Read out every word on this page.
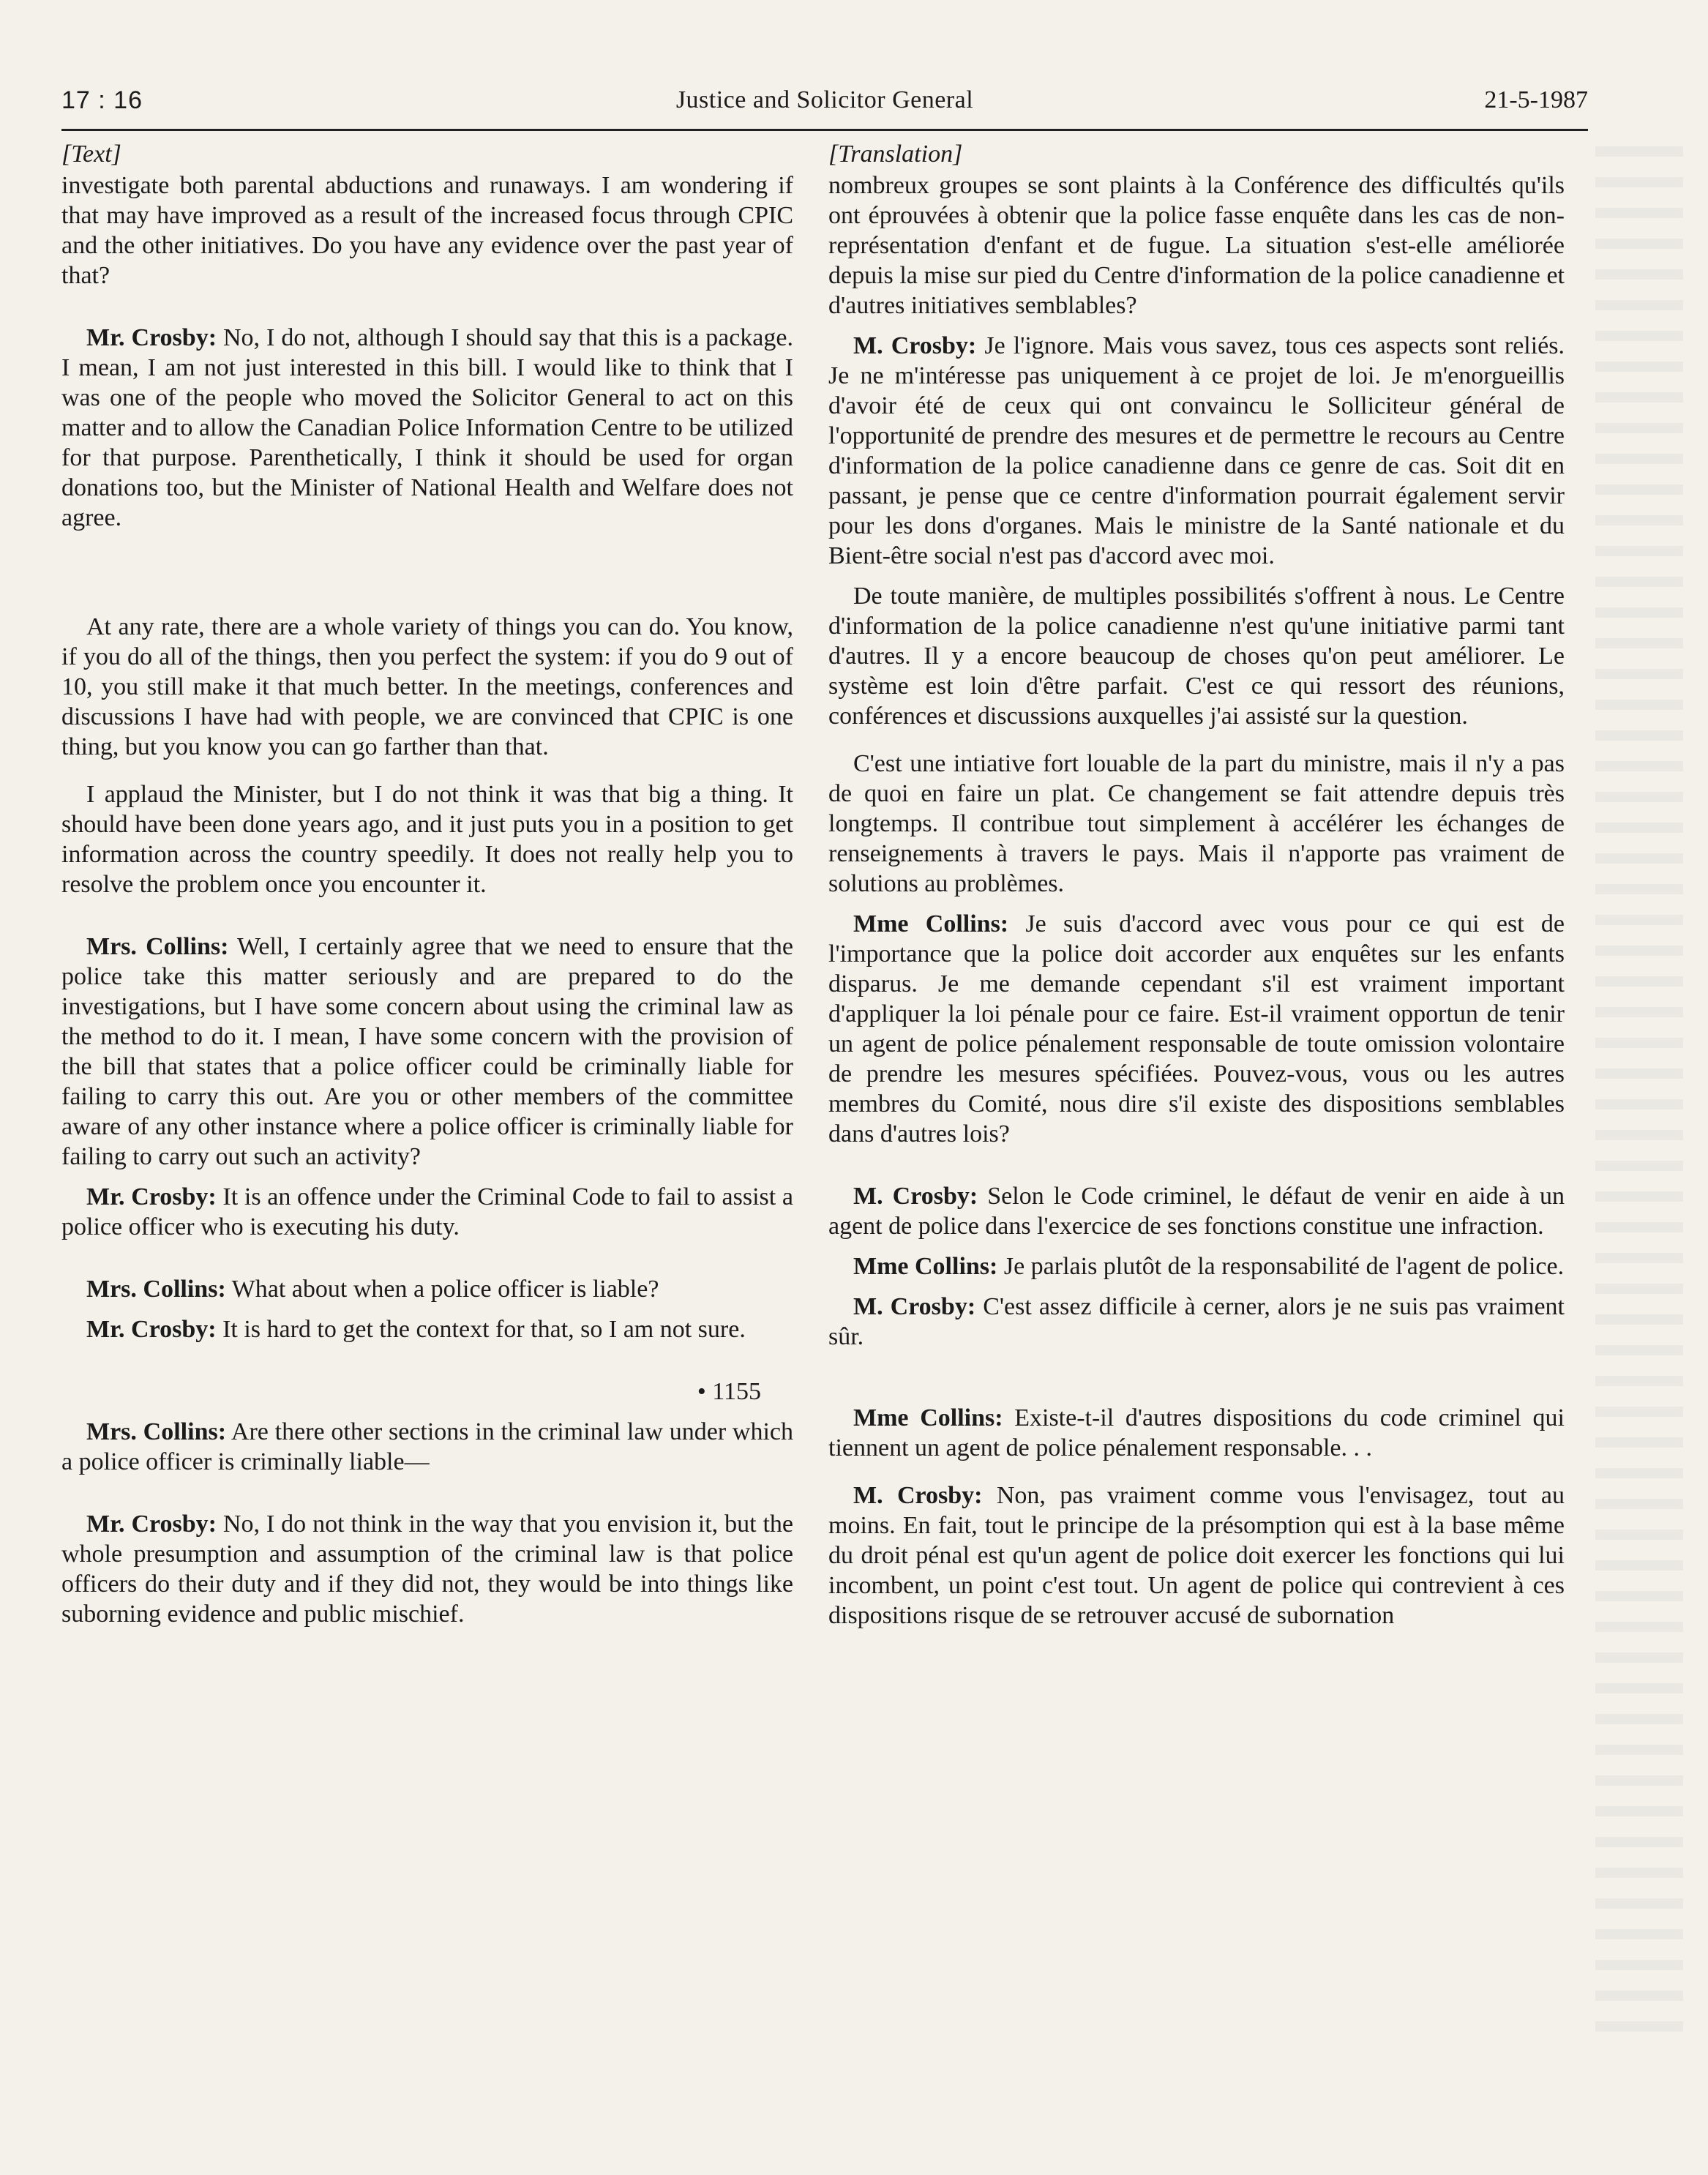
17 : 16	Justice and Solicitor General	21-5-1987

[Text]

investigate both parental abductions and runaways. I am wondering if that may have improved as a result of the increased focus through CPIC and the other initiatives. Do you have any evidence over the past year of that?

Mr. Crosby: No, I do not, although I should say that this is a package. I mean, I am not just interested in this bill. I would like to think that I was one of the people who moved the Solicitor General to act on this matter and to allow the Canadian Police Information Centre to be utilized for that purpose. Parenthetically, I think it should be used for organ donations too, but the Minister of National Health and Welfare does not agree.

At any rate, there are a whole variety of things you can do. You know, if you do all of the things, then you perfect the system: if you do 9 out of 10, you still make it that much better. In the meetings, conferences and discussions I have had with people, we are convinced that CPIC is one thing, but you know you can go farther than that.

I applaud the Minister, but I do not think it was that big a thing. It should have been done years ago, and it just puts you in a position to get information across the country speedily. It does not really help you to resolve the problem once you encounter it.

Mrs. Collins: Well, I certainly agree that we need to ensure that the police take this matter seriously and are prepared to do the investigations, but I have some concern about using the criminal law as the method to do it. I mean, I have some concern with the provision of the bill that states that a police officer could be criminally liable for failing to carry this out. Are you or other members of the committee aware of any other instance where a police officer is criminally liable for failing to carry out such an activity?

Mr. Crosby: It is an offence under the Criminal Code to fail to assist a police officer who is executing his duty.

Mrs. Collins: What about when a police officer is liable?

Mr. Crosby: It is hard to get the context for that, so I am not sure.

• 1155

Mrs. Collins: Are there other sections in the criminal law under which a police officer is criminally liable—

Mr. Crosby: No, I do not think in the way that you envision it, but the whole presumption and assumption of the criminal law is that police officers do their duty and if they did not, they would be into things like suborning evidence and public mischief.

[Translation]

nombreux groupes se sont plaints à la Conférence des difficultés qu'ils ont éprouvées à obtenir que la police fasse enquête dans les cas de non-représentation d'enfant et de fugue. La situation s'est-elle améliorée depuis la mise sur pied du Centre d'information de la police canadienne et d'autres initiatives semblables?

M. Crosby: Je l'ignore. Mais vous savez, tous ces aspects sont reliés. Je ne m'intéresse pas uniquement à ce projet de loi. Je m'enorgueillis d'avoir été de ceux qui ont convaincu le Solliciteur général de l'opportunité de prendre des mesures et de permettre le recours au Centre d'information de la police canadienne dans ce genre de cas. Soit dit en passant, je pense que ce centre d'information pourrait également servir pour les dons d'organes. Mais le ministre de la Santé nationale et du Bient-être social n'est pas d'accord avec moi.

De toute manière, de multiples possibilités s'offrent à nous. Le Centre d'information de la police canadienne n'est qu'une initiative parmi tant d'autres. Il y a encore beaucoup de choses qu'on peut améliorer. Le système est loin d'être parfait. C'est ce qui ressort des réunions, conférences et discussions auxquelles j'ai assisté sur la question.

C'est une intiative fort louable de la part du ministre, mais il n'y a pas de quoi en faire un plat. Ce changement se fait attendre depuis très longtemps. Il contribue tout simplement à accélérer les échanges de renseignements à travers le pays. Mais il n'apporte pas vraiment de solutions au problèmes.

Mme Collins: Je suis d'accord avec vous pour ce qui est de l'importance que la police doit accorder aux enquêtes sur les enfants disparus. Je me demande cependant s'il est vraiment important d'appliquer la loi pénale pour ce faire. Est-il vraiment opportun de tenir un agent de police pénalement responsable de toute omission volontaire de prendre les mesures spécifiées. Pouvez-vous, vous ou les autres membres du Comité, nous dire s'il existe des dispositions semblables dans d'autres lois?

M. Crosby: Selon le Code criminel, le défaut de venir en aide à un agent de police dans l'exercice de ses fonctions constitue une infraction.

Mme Collins: Je parlais plutôt de la responsabilité de l'agent de police.

M. Crosby: C'est assez difficile à cerner, alors je ne suis pas vraiment sûr.

Mme Collins: Existe-t-il d'autres dispositions du code criminel qui tiennent un agent de police pénalement responsable. . .

M. Crosby: Non, pas vraiment comme vous l'envisagez, tout au moins. En fait, tout le principe de la présomption qui est à la base même du droit pénal est qu'un agent de police doit exercer les fonctions qui lui incombent, un point c'est tout. Un agent de police qui contrevient à ces dispositions risque de se retrouver accusé de subornation
